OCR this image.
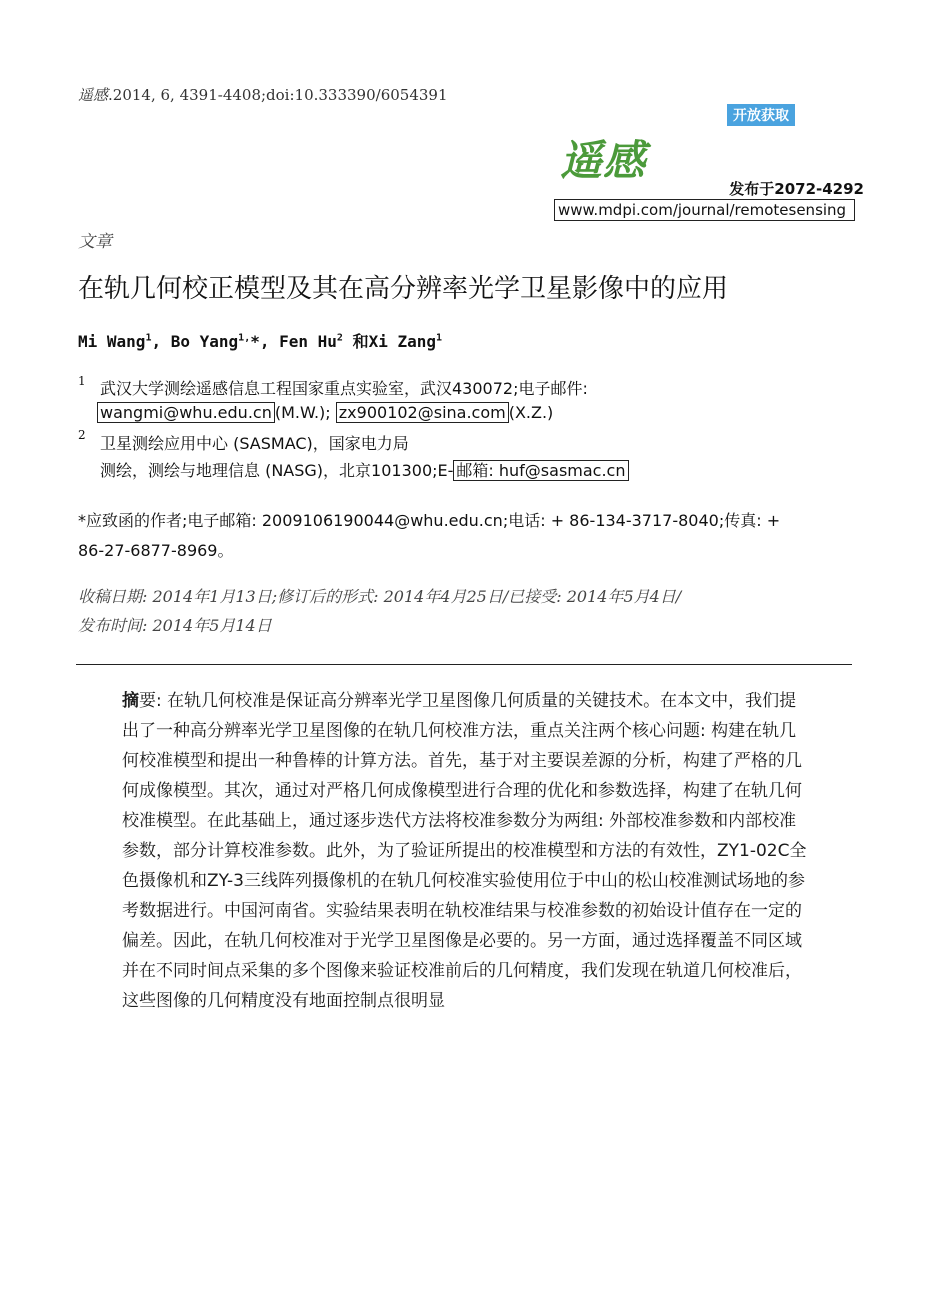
遥感.2014, 6, 4391-4408;doi:10.333390/6054391
开放获取
遥感
发布于2072-4292
www.mdpi.com/journal/remotesensing
文章
在轨几何校正模型及其在高分辨率光学卫星影像中的应用
Mi Wang$^1$, Bo Yang$^{1,}$*, Fen Hu$^2$ 和Xi Zang$^1$
1 武汉大学测绘遥感信息工程国家重点实验室，武汉430072;电子邮件:
wangmi@whu.edu.cn (M.W.); zx900102@sina.com (X.Z.)
2 卫星测绘应用中心 (SASMAC)，国家电力局
测绘，测绘与地理信息 (NASG)，北京101300;E- 邮箱: huf@sasmac.cn
*应致函的作者;电子邮箱: 2009106190044@whu.edu.cn;电话: + 86-134-3717-8040;传真: + 86-27-6877-8969。
收稿日期: 2014年1月13日;修订后的形式: 2014年4月25日/已接受: 2014年5月4日/
发布时间: 2014年5月14日
摘要: 在轨几何校准是保证高分辨率光学卫星图像几何质量的关键技术。在本文中，我们提出了一种高分辨率光学卫星图像的在轨几何校准方法，重点关注两个核心问题: 构建在轨几何校准模型和提出一种鲁棒的计算方法。首先，基于对主要误差源的分析，构建了严格的几何成像模型。其次，通过对严格几何成像模型进行合理的优化和参数选择，构建了在轨几何校准模型。在此基础上，通过逐步迭代方法将校准参数分为两组: 外部校准参数和内部校准参数，部分计算校准参数。此外，为了验证所提出的校准模型和方法的有效性，ZY1-02C全色摄像机和ZY-3三线阵列摄像机的在轨几何校准实验使用位于中山的松山校准测试场地的参考数据进行。中国河南省。实验结果表明在轨校准结果与校准参数的初始设计值存在一定的偏差。因此，在轨几何校准对于光学卫星图像是必要的。另一方面，通过选择覆盖不同区域并在不同时间点采集的多个图像来验证校准前后的几何精度，我们发现在轨道几何校准后，这些图像的几何精度没有地面控制点很明显
